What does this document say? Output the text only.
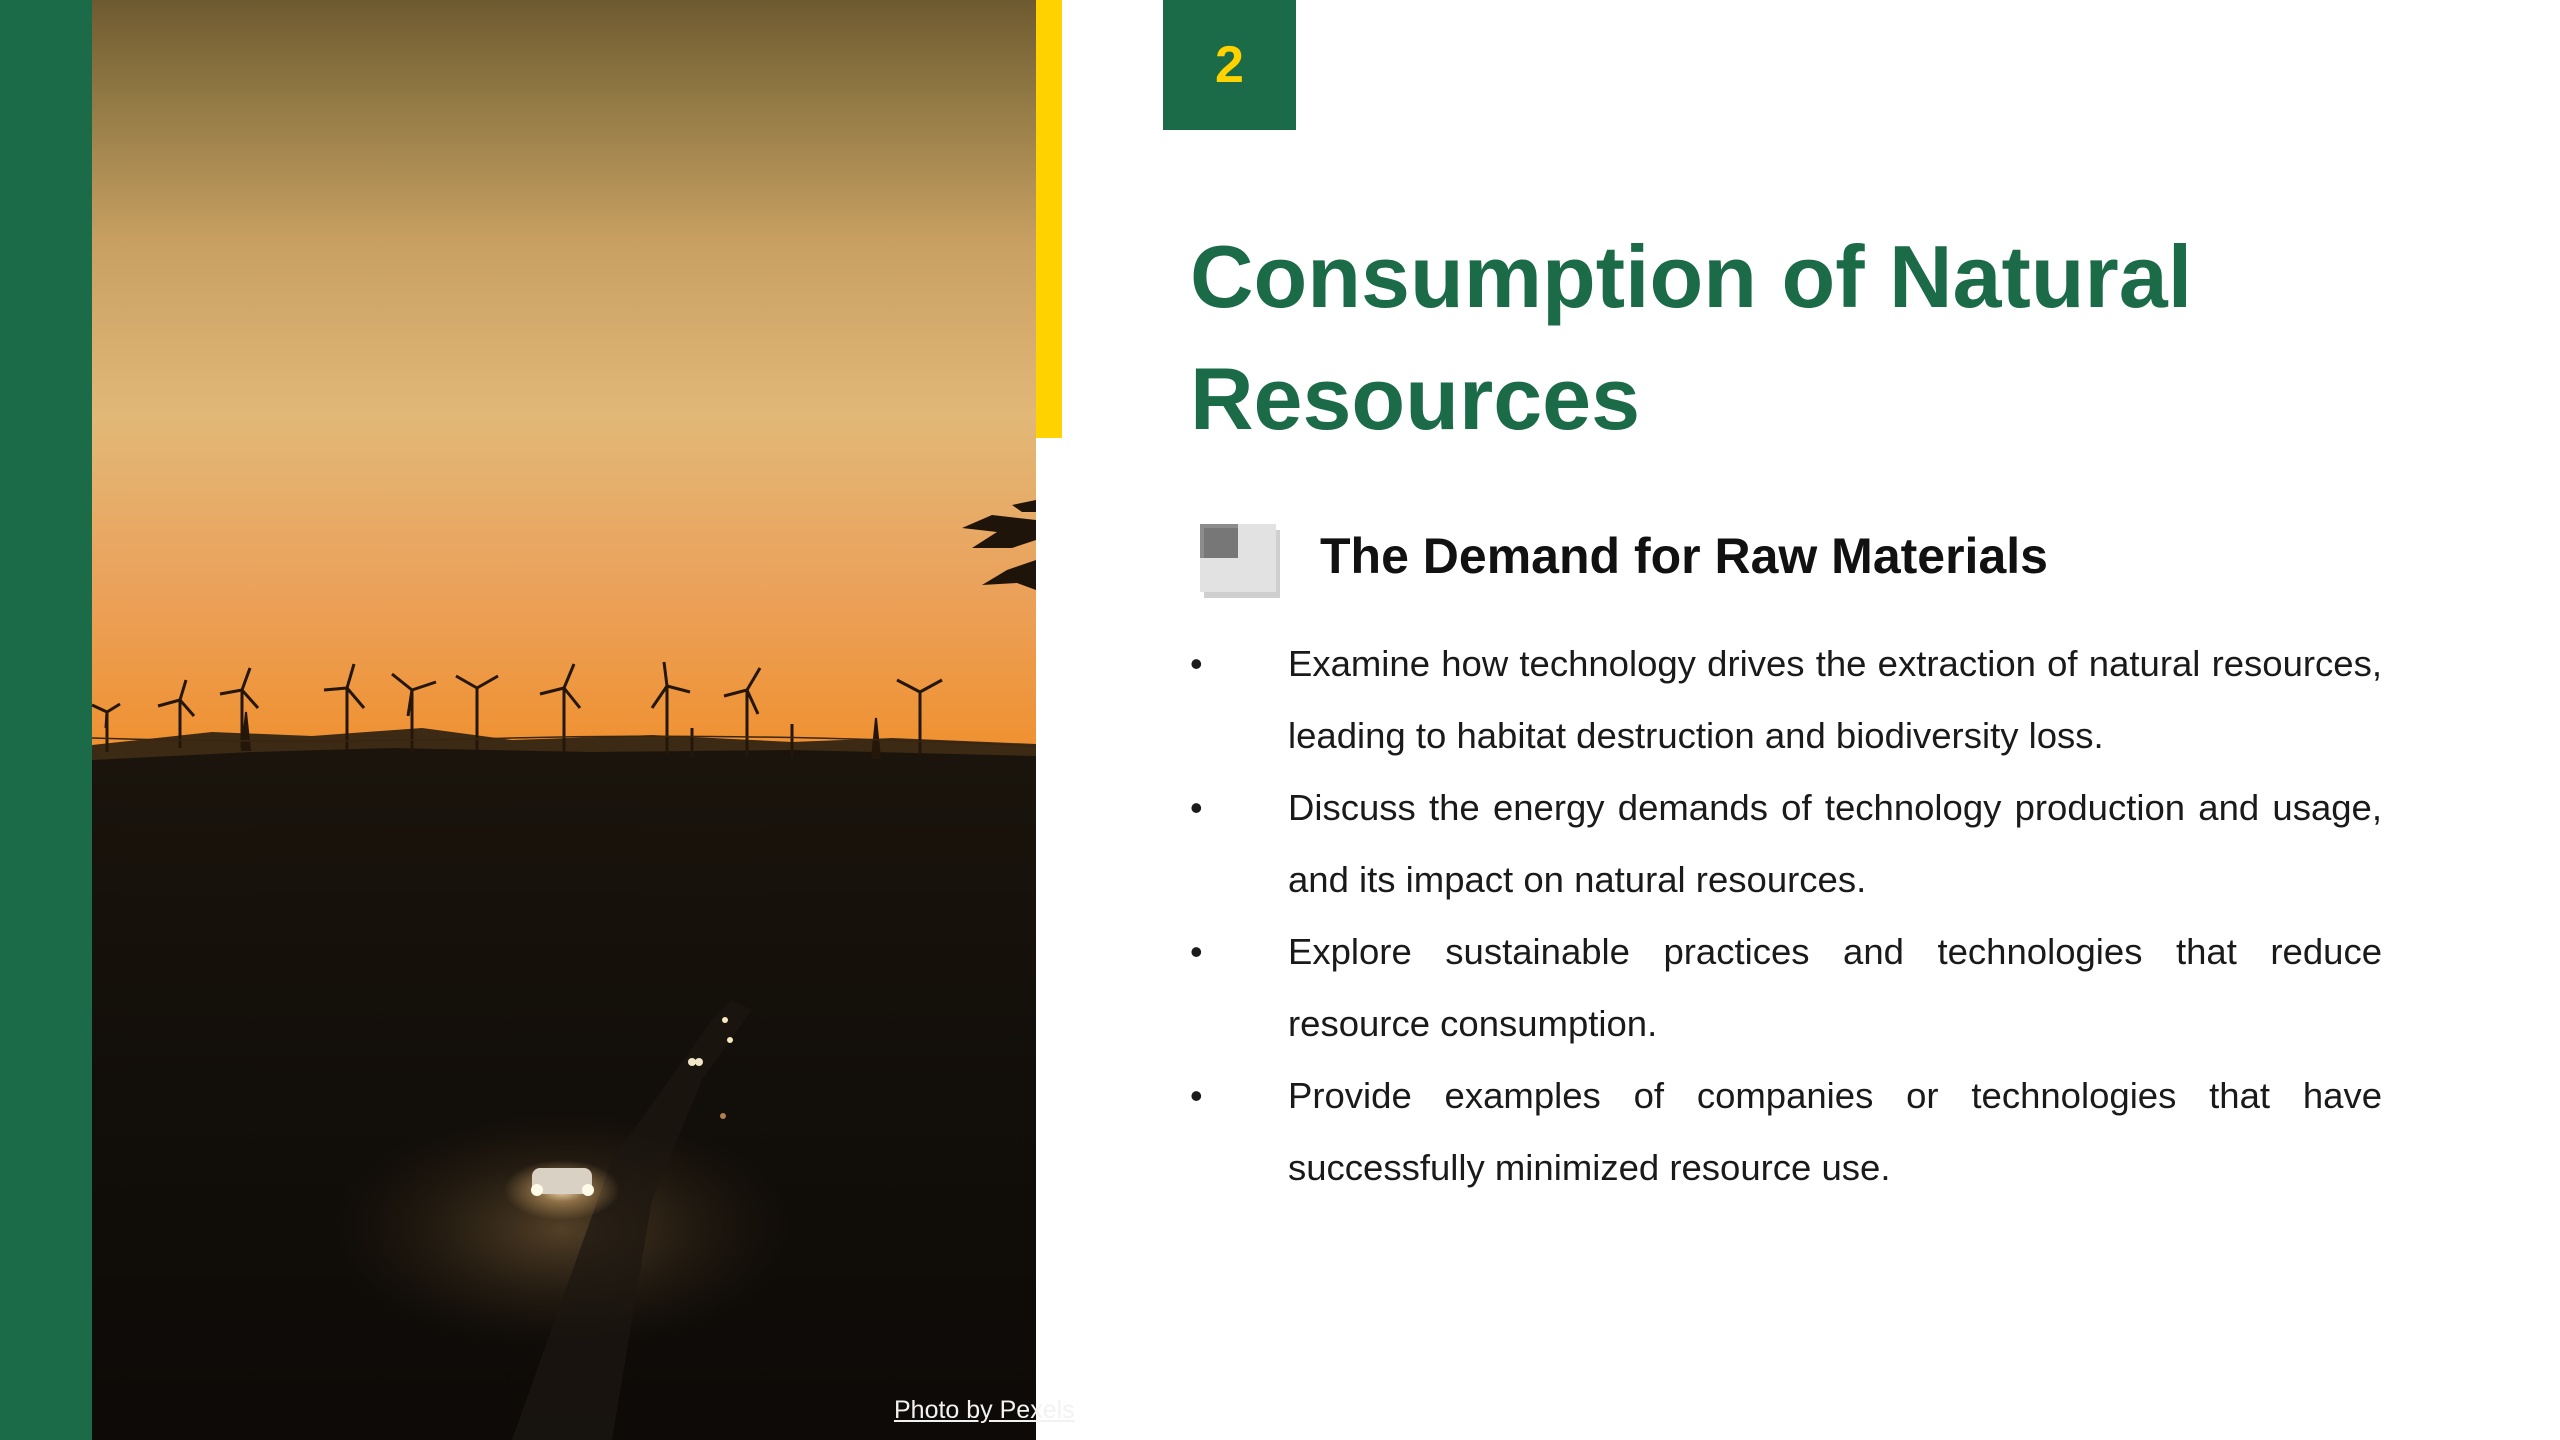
Photo by Pexels
2
Consumption of Natural Resources
The Demand for Raw Materials
•	Examine how technology drives the extraction of natural resources, leading to habitat destruction and biodiversity loss.
•	Discuss the energy demands of technology production and usage, and its impact on natural resources.
•	Explore sustainable practices and technologies that reduce resource consumption.
•	Provide examples of companies or technologies that have successfully minimized resource use.
